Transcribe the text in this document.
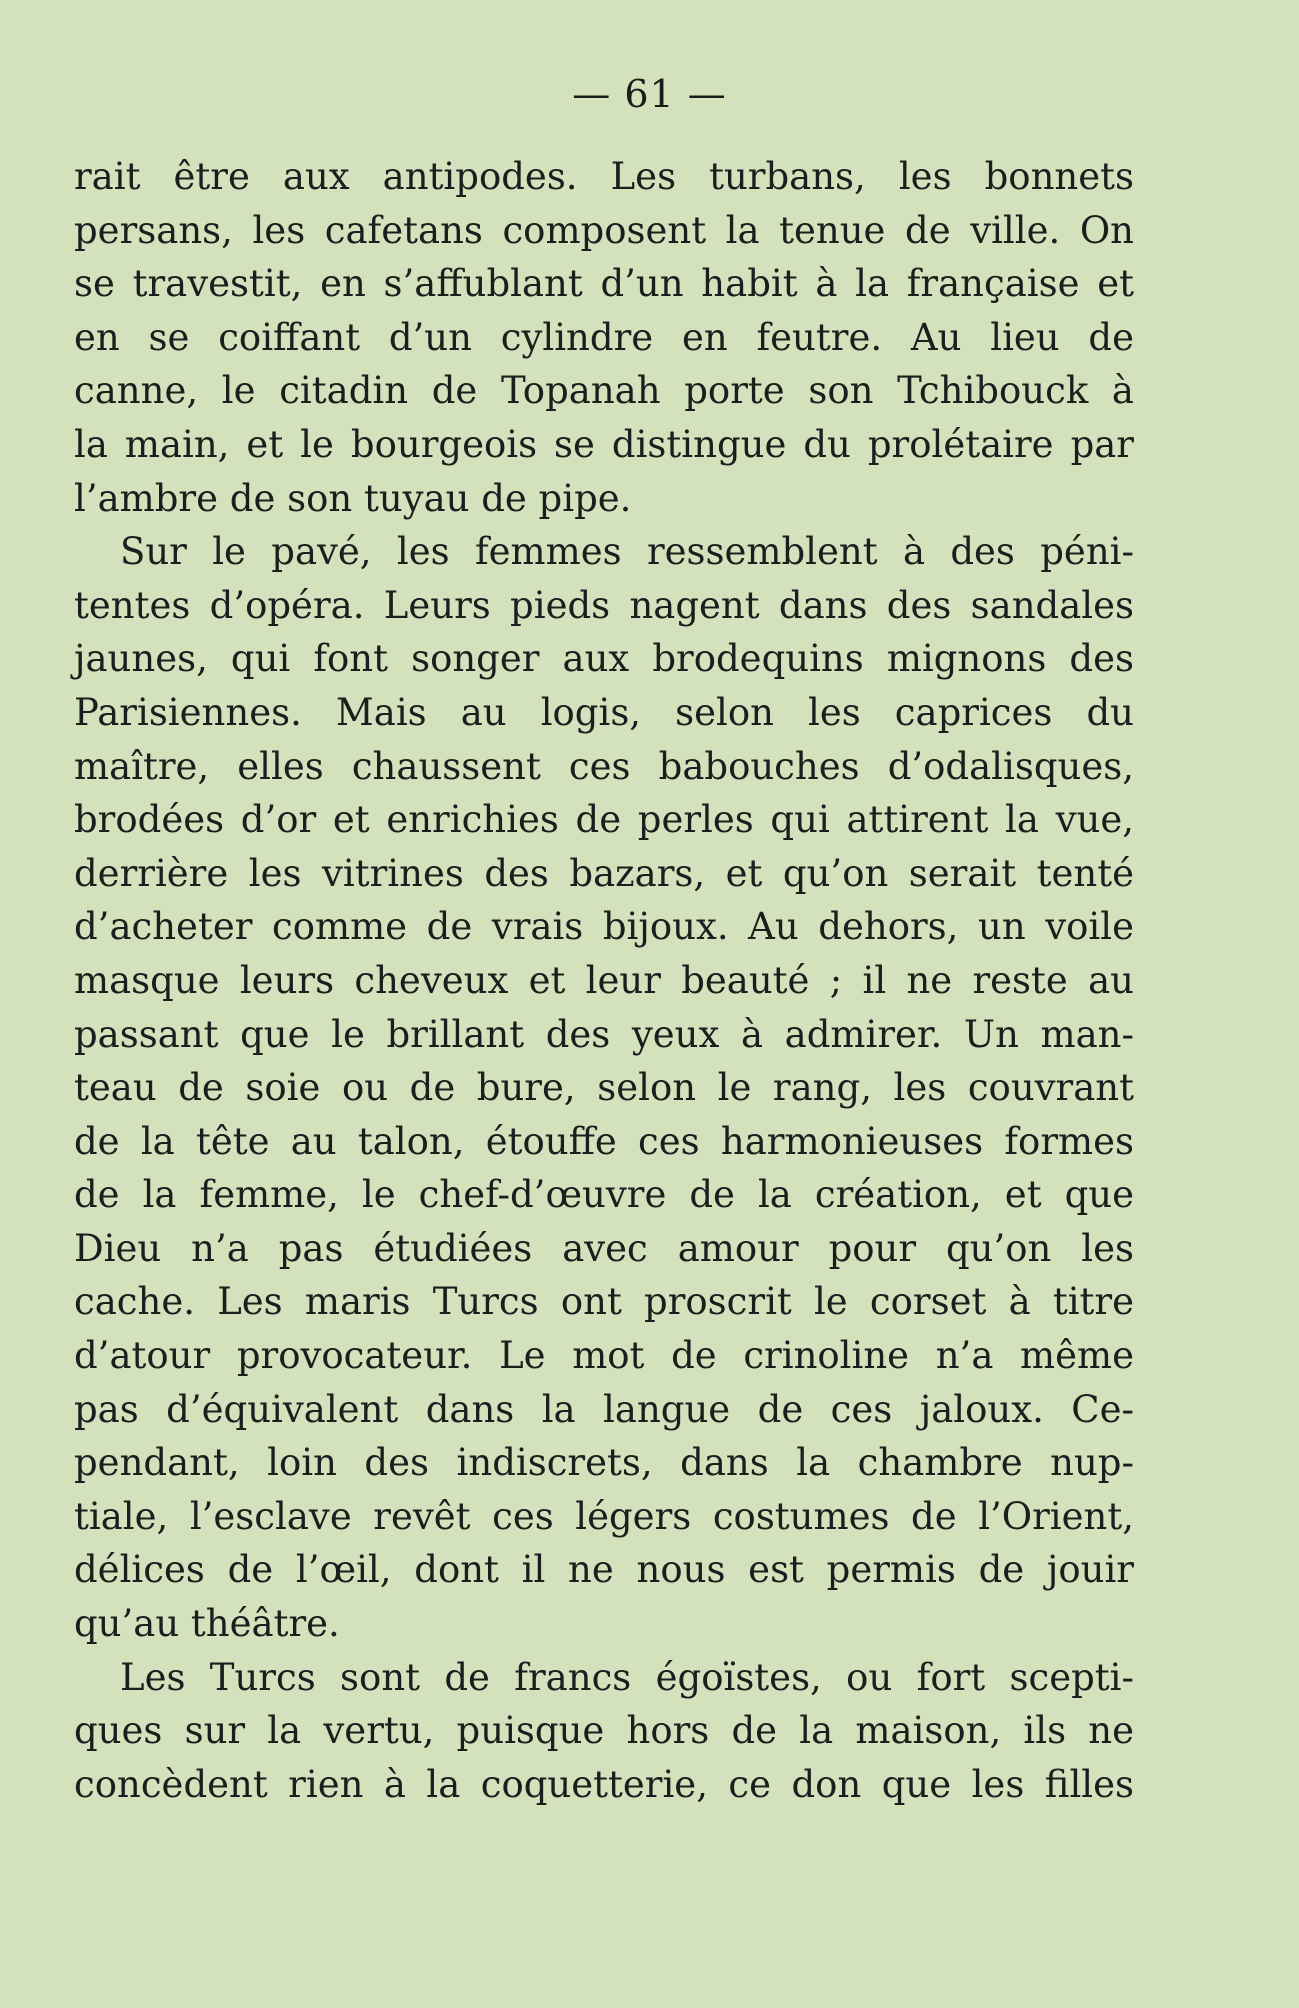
— 61 —
rait être aux antipodes. Les turbans, les bonnets
persans, les cafetans composent la tenue de ville. On
se travestit, en s’affublant d’un habit à la française et
en se coiffant d’un cylindre en feutre. Au lieu de
canne, le citadin de Topanah porte son Tchibouck à
la main, et le bourgeois se distingue du prolétaire par
l’ambre de son tuyau de pipe.
Sur le pavé, les femmes ressemblent à des péni-
tentes d’opéra. Leurs pieds nagent dans des sandales
jaunes, qui font songer aux brodequins mignons des
Parisiennes. Mais au logis, selon les caprices du
maître, elles chaussent ces babouches d’odalisques,
brodées d’or et enrichies de perles qui attirent la vue,
derrière les vitrines des bazars, et qu’on serait tenté
d’acheter comme de vrais bijoux. Au dehors, un voile
masque leurs cheveux et leur beauté ; il ne reste au
passant que le brillant des yeux à admirer. Un man-
teau de soie ou de bure, selon le rang, les couvrant
de la tête au talon, étouffe ces harmonieuses formes
de la femme, le chef-d’œuvre de la création, et que
Dieu n’a pas étudiées avec amour pour qu’on les
cache. Les maris Turcs ont proscrit le corset à titre
d’atour provocateur. Le mot de crinoline n’a même
pas d’équivalent dans la langue de ces jaloux. Ce-
pendant, loin des indiscrets, dans la chambre nup-
tiale, l’esclave revêt ces légers costumes de l’Orient,
délices de l’œil, dont il ne nous est permis de jouir
qu’au théâtre.
Les Turcs sont de francs égoïstes, ou fort scepti-
ques sur la vertu, puisque hors de la maison, ils ne
concèdent rien à la coquetterie, ce don que les filles
